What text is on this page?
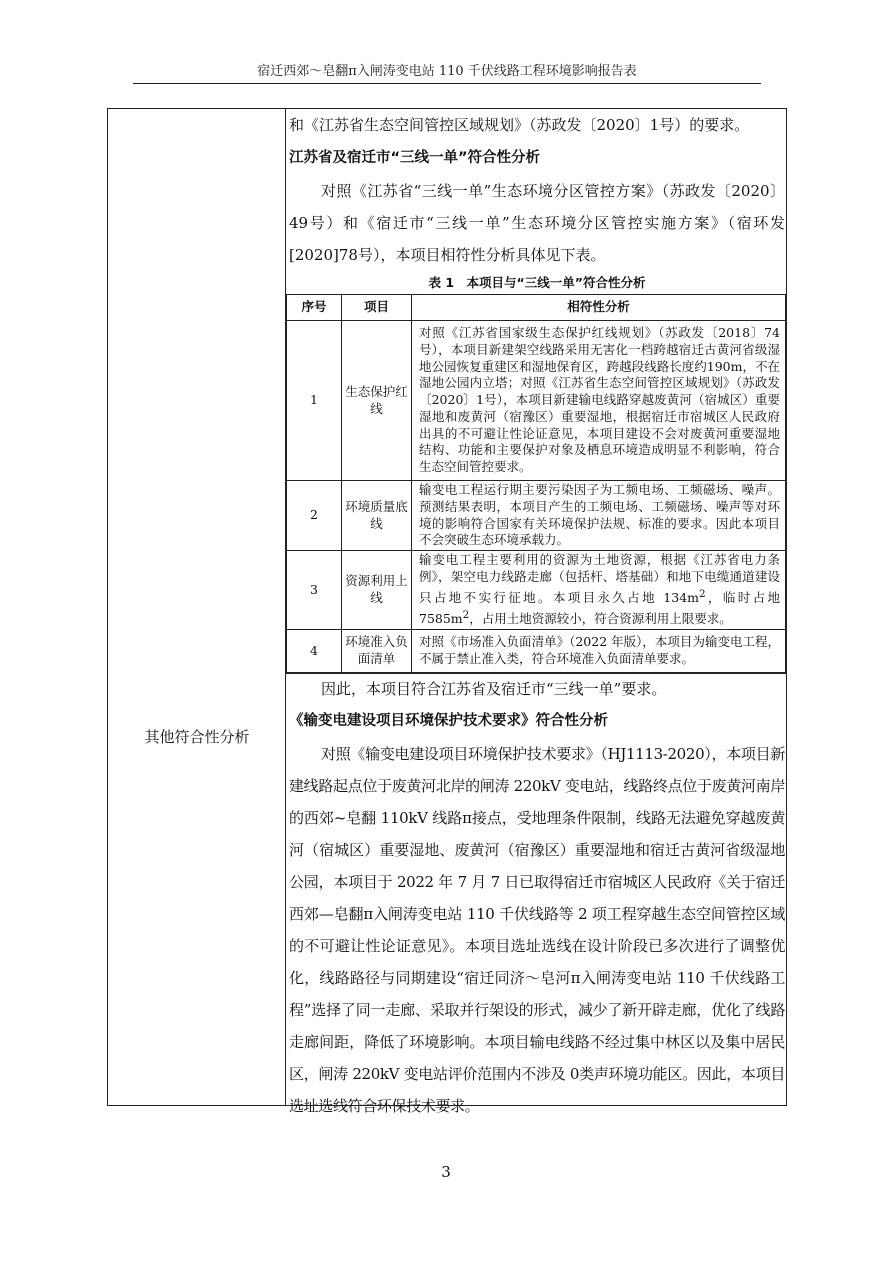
宿迁西郊～皂翻π入闸涛变电站 110 千伏线路工程环境影响报告表
其他符合性分析

和《江苏省生态空间管控区域规划》（苏政发〔2020〕1号）的要求。

江苏省及宿迁市“三线一单”符合性分析

对照《江苏省“三线一单”生态环境分区管控方案》（苏政发〔2020〕49号）和《宿迁市“三线一单”生态环境分区管控实施方案》（宿环发[2020]78号），本项目相符性分析具体见下表。

表 1　本项目与“三线一单”符合性分析
序号	项目	相符性分析
1	生态保护红线	对照《江苏省国家级生态保护红线规划》（苏政发〔2018〕74号），本项目新建架空线路采用无害化一档跨越宿迁古黄河省级湿地公园恢复重建区和湿地保育区，跨越段线路长度约190m，不在湿地公园内立塔；对照《江苏省生态空间管控区域规划》（苏政发〔2020〕1号），本项目新建输电线路穿越废黄河（宿城区）重要湿地和废黄河（宿豫区）重要湿地，根据宿迁市宿城区人民政府出具的不可避让性论证意见，本项目建设不会对废黄河重要湿地结构、功能和主要保护对象及栖息环境造成明显不利影响，符合生态空间管控要求。
2	环境质量底线	输变电工程运行期主要污染因子为工频电场、工频磁场、噪声。预测结果表明，本项目产生的工频电场、工频磁场、噪声等对环境的影响符合国家有关环境保护法规、标准的要求。因此本项目不会突破生态环境承载力。
3	资源利用上线	输变电工程主要利用的资源为土地资源，根据《江苏省电力条例》，架空电力线路走廊（包括杆、塔基础）和地下电缆通道建设只占地不实行征地。本项目永久占地 $134m^2$，临时占地$7585m^2$，占用土地资源较小，符合资源利用上限要求。
4	环境准入负面清单	对照《市场准入负面清单》（2022 年版），本项目为输变电工程，不属于禁止准入类，符合环境准入负面清单要求。

因此，本项目符合江苏省及宿迁市“三线一单”要求。

《输变电建设项目环境保护技术要求》符合性分析

对照《输变电建设项目环境保护技术要求》（HJ1113-2020），本项目新建线路起点位于废黄河北岸的闸涛 220kV 变电站，线路终点位于废黄河南岸的西郊~皂翻 110kV 线路π接点，受地理条件限制，线路无法避免穿越废黄河（宿城区）重要湿地、废黄河（宿豫区）重要湿地和宿迁古黄河省级湿地公园，本项目于 2022 年 7 月 7 日已取得宿迁市宿城区人民政府《关于宿迁西郊—皂翻π入闸涛变电站 110 千伏线路等 2 项工程穿越生态空间管控区域的不可避让性论证意见》。本项目选址选线在设计阶段已多次进行了调整优化，线路路径与同期建设“宿迁同济～皂河π入闸涛变电站 110 千伏线路工程”选择了同一走廊、采取并行架设的形式，减少了新开辟走廊，优化了线路走廊间距，降低了环境影响。本项目输电线路不经过集中林区以及集中居民区，闸涛 220kV 变电站评价范围内不涉及 0类声环境功能区。因此，本项目选址选线符合环保技术要求。

3
